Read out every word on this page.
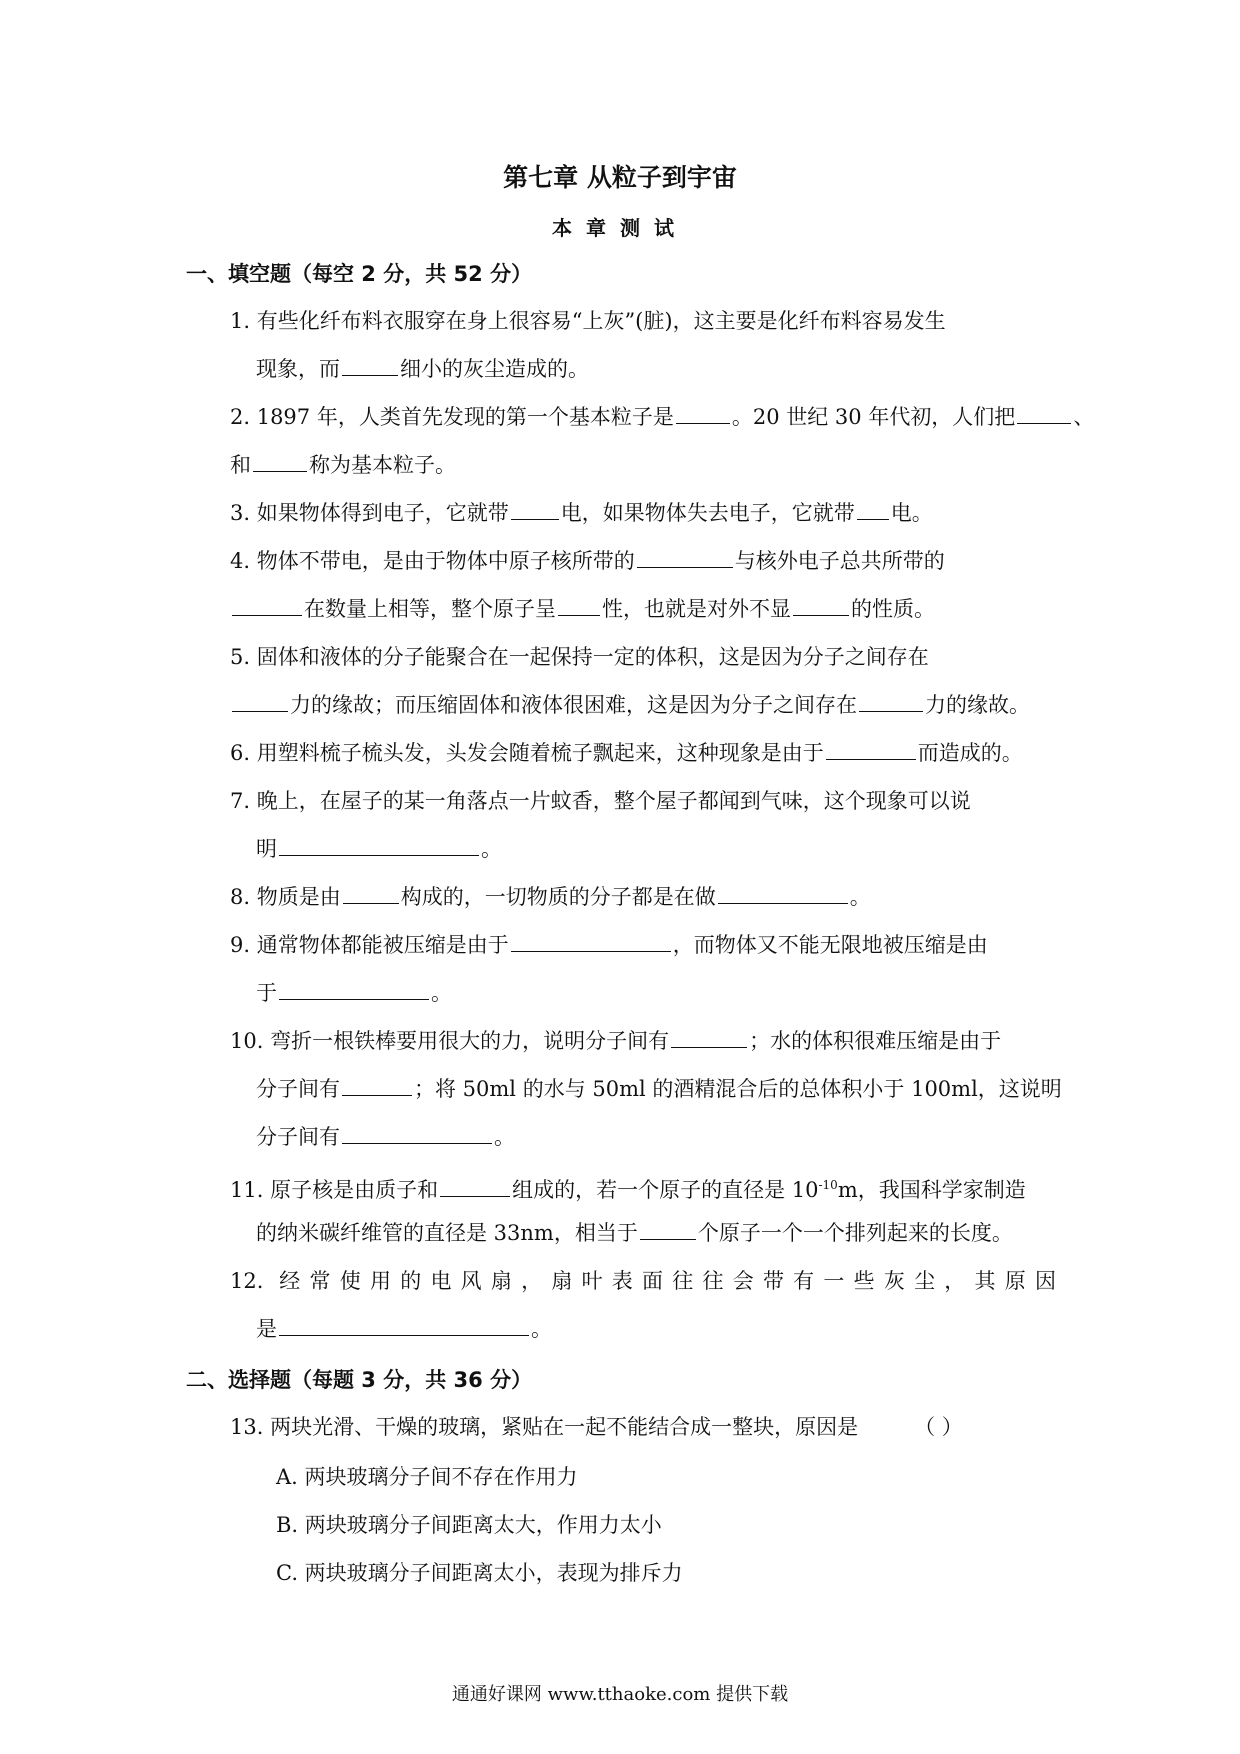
第七章 从粒子到宇宙
本章测试
一、填空题（每空 2 分，共 52 分）
1. 有些化纤布料衣服穿在身上很容易“上灰”(脏)，这主要是化纤布料容易发生
现象，而	细小的灰尘造成的。
2. 1897 年，人类首先发现的第一个基本粒子是	。20 世纪 30 年代初，人们把	、
和	称为基本粒子。
3. 如果物体得到电子，它就带 电，如果物体失去电子，它就带 电。
4. 物体不带电，是由于物体中原子核所带的	与核外电子总共所带的
在数量上相等，整个原子呈 性，也就是对外不显	的性质。
5. 固体和液体的分子能聚合在一起保持一定的体积，这是因为分子之间存在
力的缘故；而压缩固体和液体很困难，这是因为分子之间存在	力的缘故。
6. 用塑料梳子梳头发，头发会随着梳子飘起来，这种现象是由于	而造成的。
7. 晚上，在屋子的某一角落点一片蚊香，整个屋子都闻到气味，这个现象可以说
明	。
8. 物质是由	构成的，一切物质的分子都是在做	。
9. 通常物体都能被压缩是由于	，而物体又不能无限地被压缩是由
于	。
10. 弯折一根铁棒要用很大的力，说明分子间有	；水的体积很难压缩是由于
分子间有	；将 50ml 的水与 50ml 的酒精混合后的总体积小于 100ml，这说明
分子间有	。
11. 原子核是由质子和	组成的，若一个原子的直径是 $10^{-10}m$，我国科学家制造
的纳米碳纤维管的直径是 33nm，相当于	个原子一个一个排列起来的长度。
12. 经常使用的电风扇，扇叶表面往往会带有一些灰尘，其原因
是	。
二、选择题（每题 3 分，共 36 分）
13. 两块光滑、干燥的玻璃，紧贴在一起不能结合成一整块，原因是	（ ）
A. 两块玻璃分子间不存在作用力
B. 两块玻璃分子间距离太大，作用力太小
C. 两块玻璃分子间距离太小，表现为排斥力
通通好课网 www.tthaoke.com 提供下载
